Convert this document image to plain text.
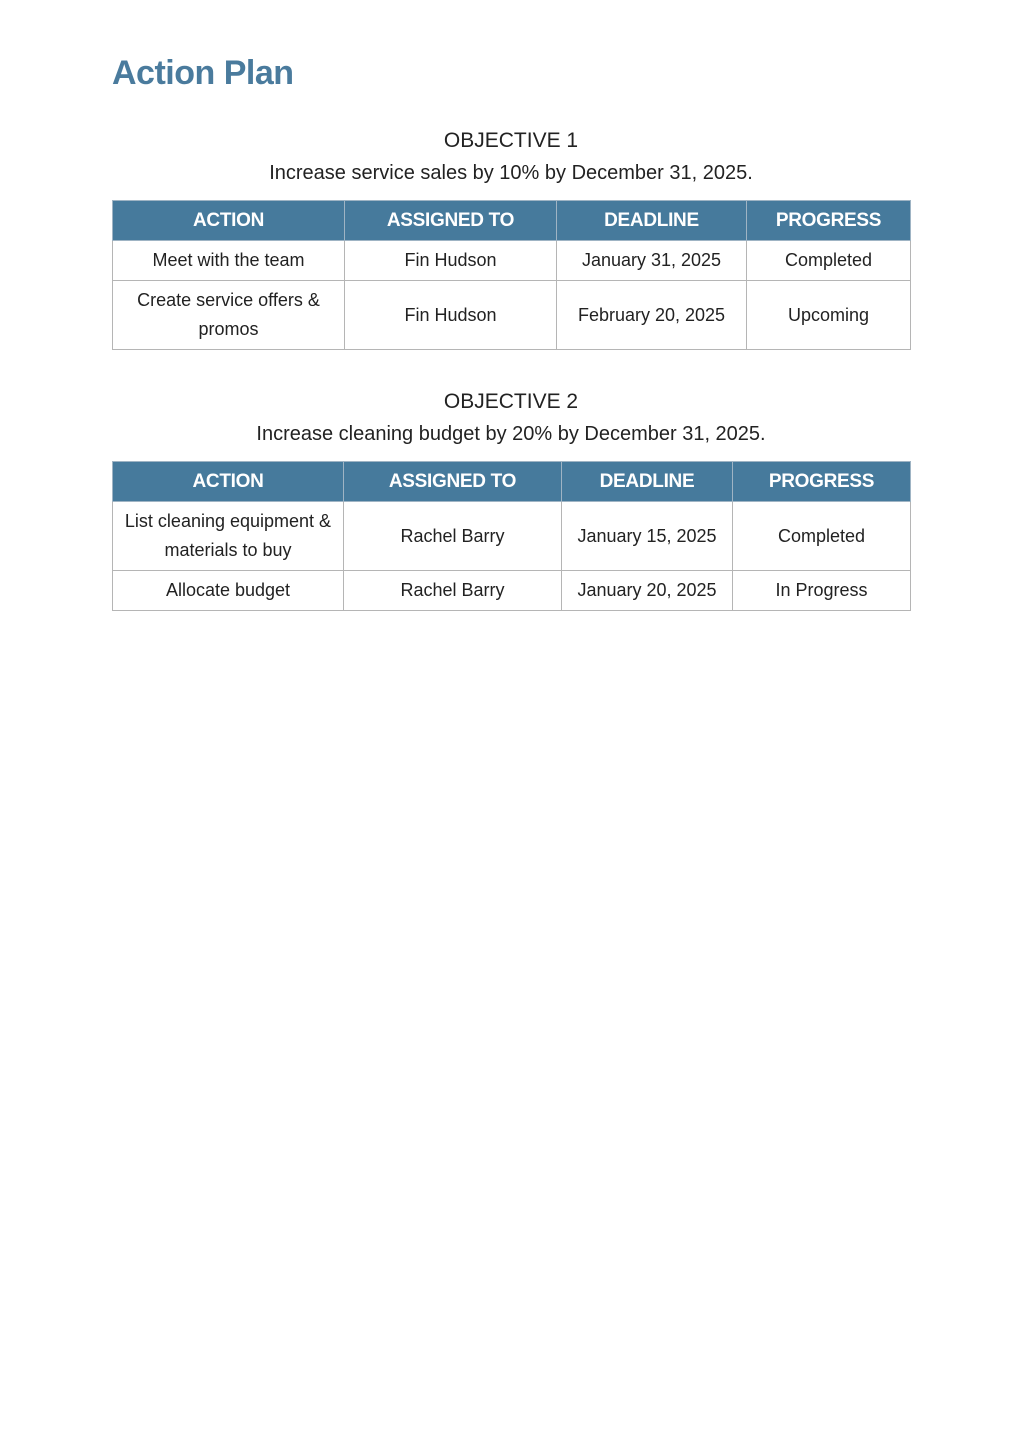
Action Plan
OBJECTIVE 1
Increase service sales by 10% by December 31, 2025.
ACTION	ASSIGNED TO	DEADLINE	PROGRESS
Meet with the team	Fin Hudson	January 31, 2025	Completed
Create service offers & promos	Fin Hudson	February 20, 2025	Upcoming
OBJECTIVE 2
Increase cleaning budget by 20% by December 31, 2025.
ACTION	ASSIGNED TO	DEADLINE	PROGRESS
List cleaning equipment & materials to buy	Rachel Barry	January 15, 2025	Completed
Allocate budget	Rachel Barry	January 20, 2025	In Progress
